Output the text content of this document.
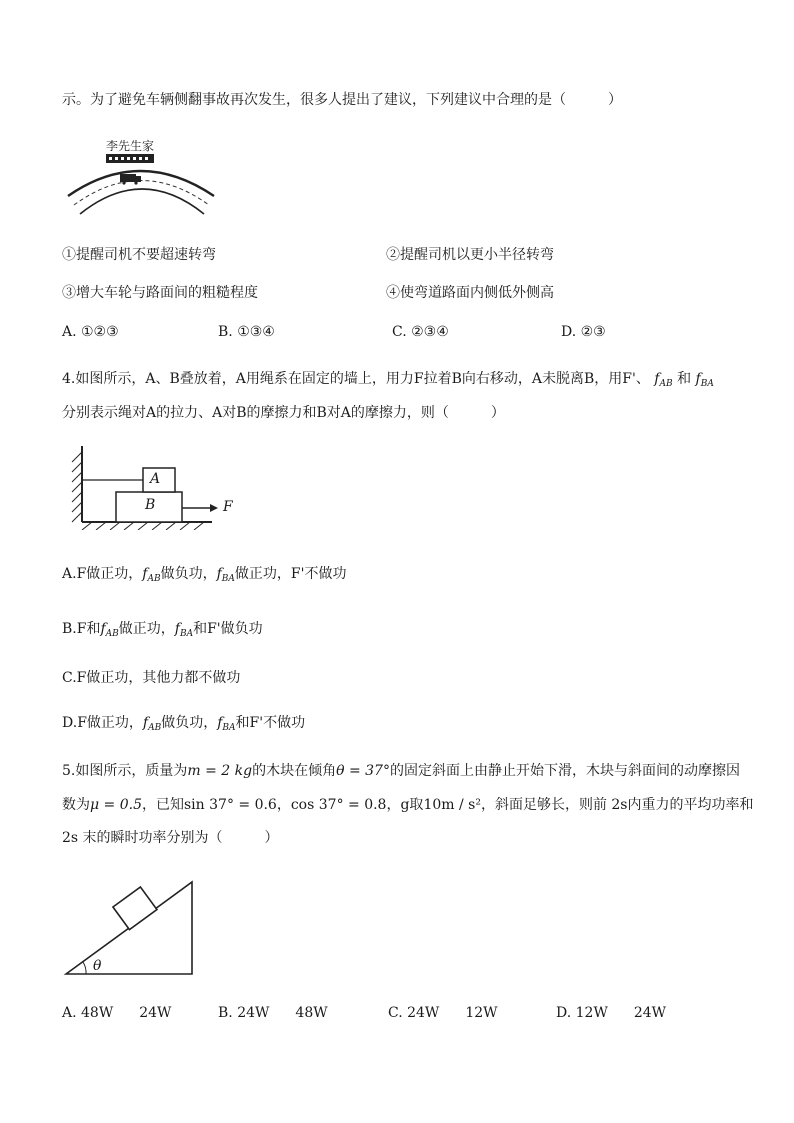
示。为了避免车辆侧翻事故再次发生，很多人提出了建议，下列建议中合理的是（　　　）
李先生家
①提醒司机不要超速转弯	②提醒司机以更小半径转弯
③增大车轮与路面间的粗糙程度	④使弯道路面内侧低外侧高
A. ①②③	B. ①③④	C. ②③④	D. ②③
4.如图所示，A、B叠放着，A用绳系在固定的墙上，用力F拉着B向右移动，A未脱离B，用F'、 $f_{AB}$ 和 $f_{BA}$
分别表示绳对A的拉力、A对B的摩擦力和B对A的摩擦力，则（　　　）
A
B	F
A.F做正功，$f_{AB}$做负功，$f_{BA}$做正功，F'不做功
B.F和$f_{AB}$做正功，$f_{BA}$和F'做负功
C.F做正功，其他力都不做功
D.F做正功，$f_{AB}$做负功，$f_{BA}$和F'不做功
5.如图所示，质量为m = 2 kg的木块在倾角θ = 37°的固定斜面上由静止开始下滑，木块与斜面间的动摩擦因
数为μ = 0.5，已知sin 37° = 0.6，cos 37° = 0.8，g取10m / s²，斜面足够长，则前 2s内重力的平均功率和
2s 末的瞬时功率分别为（　　　）
θ
A. 48W 24W	B. 24W 48W	C. 24W 12W	D. 12W 24W
